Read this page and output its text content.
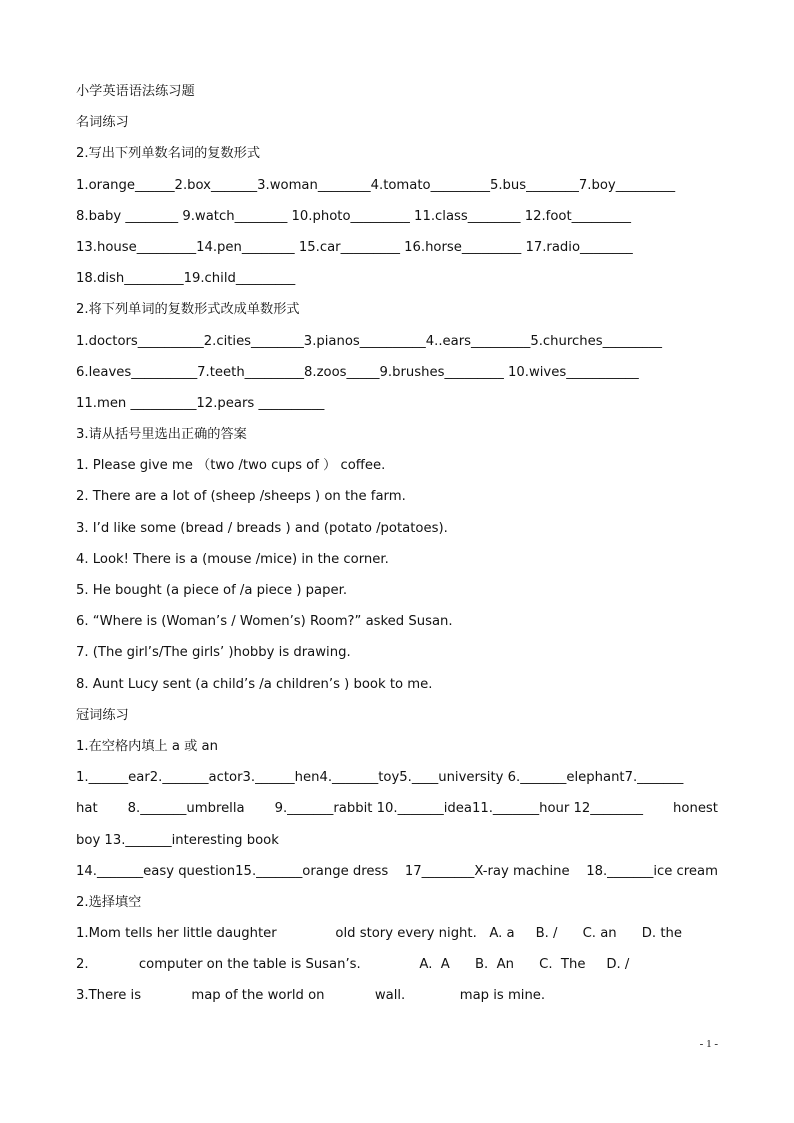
小学英语语法练习题
名词练习
2.写出下列单数名词的复数形式
1.orange______2.box_______3.woman________4.tomato_________5.bus________7.boy_________
8.baby ________ 9.watch________ 10.photo_________ 11.class________ 12.foot_________
13.house_________14.pen________ 15.car_________ 16.horse_________ 17.radio________
18.dish_________19.child_________
2.将下列单词的复数形式改成单数形式
1.doctors__________2.cities________3.pianos__________4..ears_________5.churches_________
6.leaves__________7.teeth_________8.zoos_____9.brushes_________ 10.wives___________
11.men __________12.pears __________
3.请从括号里选出正确的答案
1. Please give me （two /two cups of ） coffee.
2. There are a lot of (sheep /sheeps ) on the farm.
3. I’d like some (bread / breads ) and (potato /potatoes).
4. Look! There is a (mouse /mice) in the corner.
5. He bought (a piece of /a piece ) paper.
6. “Where is (Woman’s / Women’s) Room?” asked Susan.
7. (The girl’s/The girls’ )hobby is drawing.
8. Aunt Lucy sent (a child’s /a children’s ) book to me.
冠词练习
1.在空格内填上 a 或 an
1.______ear2._______actor3.______hen4._______toy5.____university 6._______elephant7._______
hat 8._______umbrella 9._______rabbit 10._______idea11._______hour 12________ honest
boy 13._______interesting book
14._______easy question15._______orange dress 17________X-ray machine 18._______ice cream
2.选择填空
1.Mom tells her little daughter              old story every night.   A. a     B. /      C. an      D. the
2.            computer on the table is Susan’s.              A.  A      B.  An      C.  The     D. /
3.There is            map of the world on            wall.             map is mine.
- 1 -
